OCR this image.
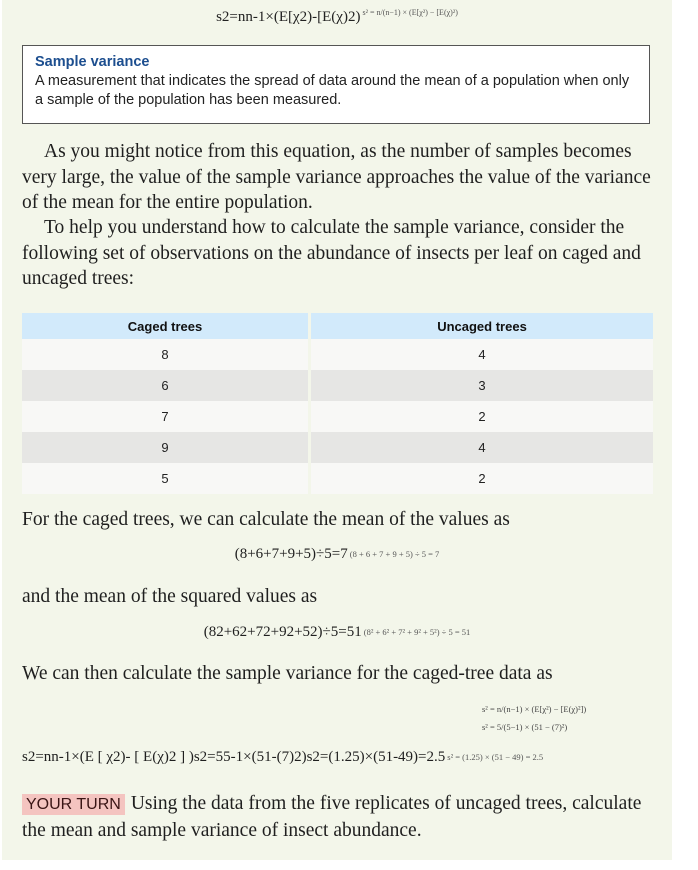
s2=nn-1×(E[χ2)-[E(χ)2) $^{s^2 = n/(n-1) \times (E[\chi^2) - [E(\chi)^2)}$
Sample variance
A measurement that indicates the spread of data around the mean of a population when only a sample of the population has been measured.
As you might notice from this equation, as the number of samples becomes very large, the value of the sample variance approaches the value of the variance of the mean for the entire population.
To help you understand how to calculate the sample variance, consider the following set of observations on the abundance of insects per leaf on caged and uncaged trees:
Caged trees	Uncaged trees
8	4
6	3
7	2
9	4
5	2
For the caged trees, we can calculate the mean of the values as
(8+6+7+9+5)÷5=7 (8 + 6 + 7 + 9 + 5) ÷ 5 = 7
and the mean of the squared values as
(82+62+72+92+52)÷5=51 (8² + 6² + 7² + 9² + 5²) ÷ 5 = 51
We can then calculate the sample variance for the caged-tree data as
s² = n/(n−1) × (E[χ²) − [E(χ)²])
s² = 5/(5−1) × (51 − (7)²)
s2=nn-1×(E [ χ2)- [ E(χ)2 ] )s2=55-1×(51-(7)2)s2=(1.25)×(51-49)=2.5 s² = (1.25) × (51 − 49) = 2.5
YOUR TURN Using the data from the five replicates of uncaged trees, calculate the mean and sample variance of insect abundance.
